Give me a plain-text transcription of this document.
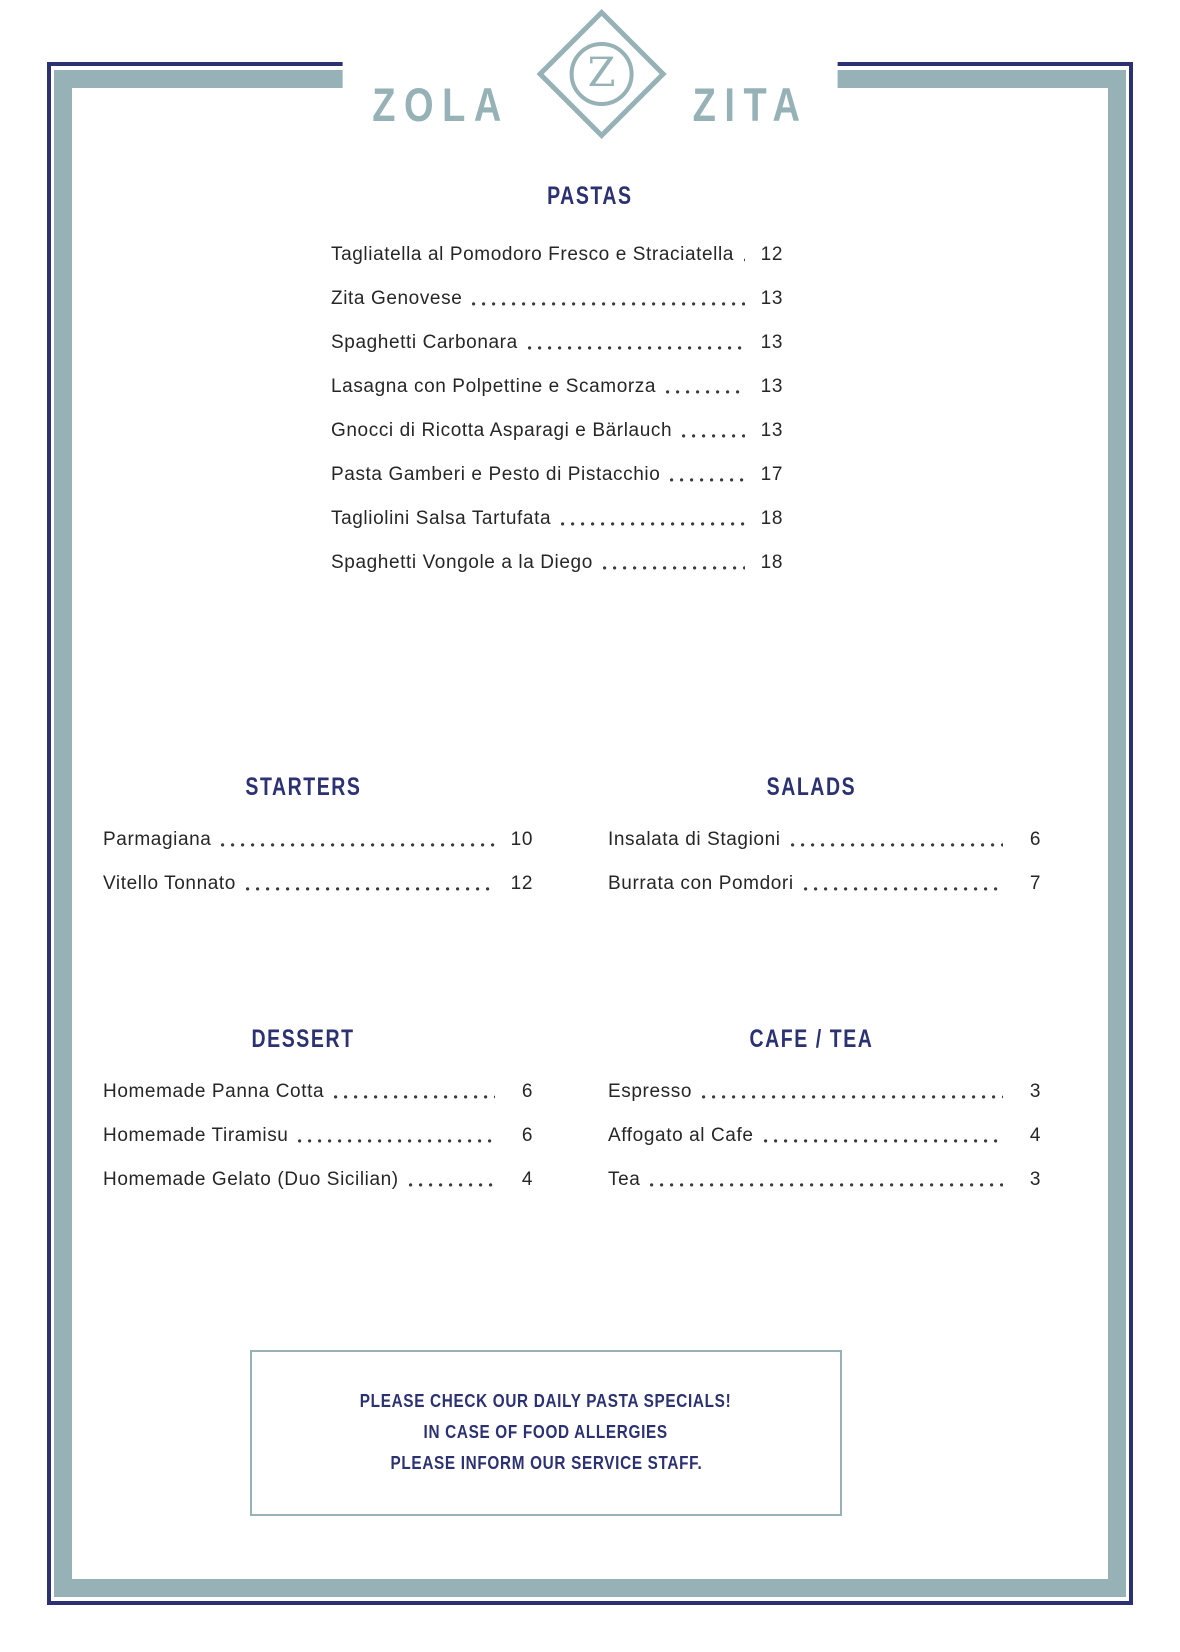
ZOLA
Z
ZITA
PASTAS
Tagliatella al Pomodoro Fresco e Straciatella 12
Zita Genovese	13
Spaghetti Carbonara	13
Lasagna con Polpettine e Scamorza	13
Gnocci di Ricotta Asparagi e Bärlauch	13
Pasta Gamberi e Pesto di Pistacchio	17
Tagliolini Salsa Tartufata	18
Spaghetti Vongole a la Diego	18
STARTERS
Parmagiana	10
Vitello Tonnato	12
SALADS
Insalata di Stagioni	6
Burrata con Pomdori	7
DESSERT
Homemade Panna Cotta	6
Homemade Tiramisu	6
Homemade Gelato (Duo Sicilian)	4
CAFE / TEA
Espresso	3
Affogato al Cafe	4
Tea	3
PLEASE CHECK OUR DAILY PASTA SPECIALS!
IN CASE OF FOOD ALLERGIES
PLEASE INFORM OUR SERVICE STAFF.
